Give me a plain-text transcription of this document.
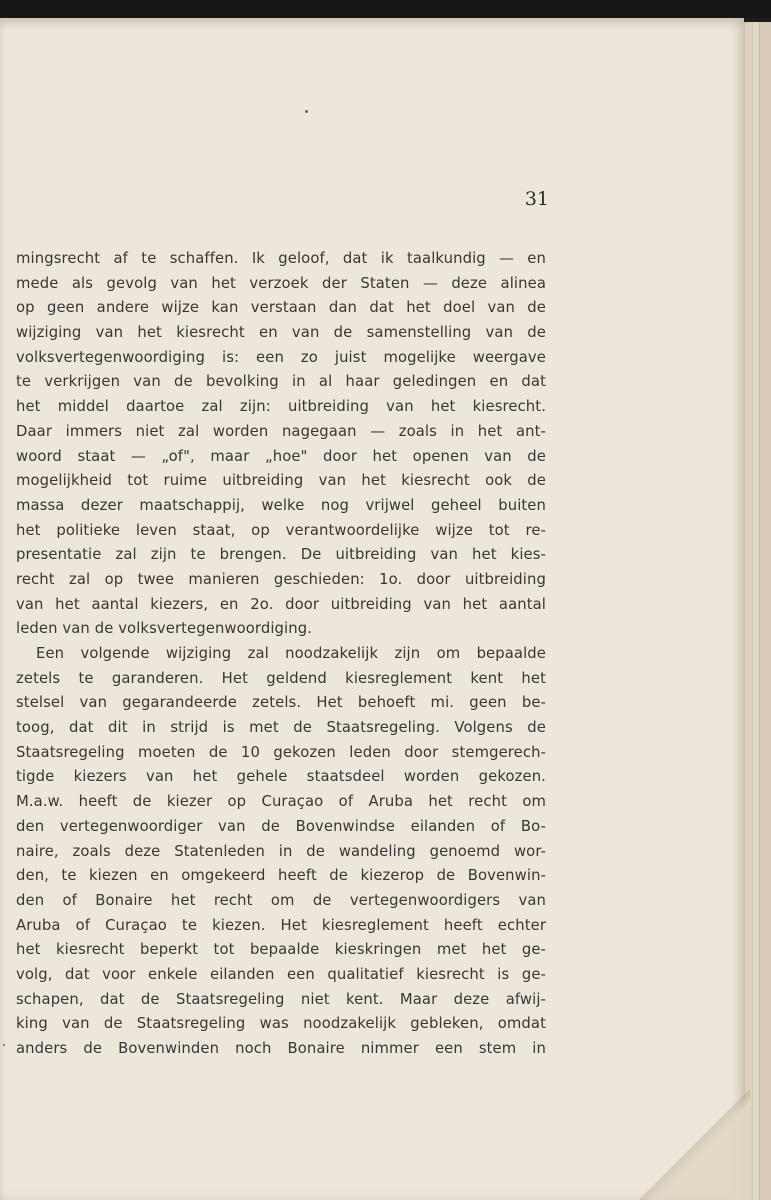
31
mingsrecht af te schaffen. Ik geloof, dat ik taalkundig — en
mede als gevolg van het verzoek der Staten — deze alinea
op geen andere wijze kan verstaan dan dat het doel van de
wijziging van het kiesrecht en van de samenstelling van de
volksvertegenwoordiging is: een zo juist mogelijke weergave
te verkrijgen van de bevolking in al haar geledingen en dat
het middel daartoe zal zijn: uitbreiding van het kiesrecht.
Daar immers niet zal worden nagegaan — zoals in het ant-
woord staat — „of", maar „hoe" door het openen van de
mogelijkheid tot ruime uitbreiding van het kiesrecht ook de
massa dezer maatschappij, welke nog vrijwel geheel buiten
het politieke leven staat, op verantwoordelijke wijze tot re-
presentatie zal zijn te brengen. De uitbreiding van het kies-
recht zal op twee manieren geschieden: 1o. door uitbreiding
van het aantal kiezers, en 2o. door uitbreiding van het aantal
leden van de volksvertegenwoordiging.
Een volgende wijziging zal noodzakelijk zijn om bepaalde
zetels te garanderen. Het geldend kiesreglement kent het
stelsel van gegarandeerde zetels. Het behoeft mi. geen be-
toog, dat dit in strijd is met de Staatsregeling. Volgens de
Staatsregeling moeten de 10 gekozen leden door stemgerech-
tigde kiezers van het gehele staatsdeel worden gekozen.
M.a.w. heeft de kiezer op Curaçao of Aruba het recht om
den vertegenwoordiger van de Bovenwindse eilanden of Bo-
naire, zoals deze Statenleden in de wandeling genoemd wor-
den, te kiezen en omgekeerd heeft de kiezerop de Bovenwin-
den of Bonaire het recht om de vertegenwoordigers van
Aruba of Curaçao te kiezen. Het kiesreglement heeft echter
het kiesrecht beperkt tot bepaalde kieskringen met het ge-
volg, dat voor enkele eilanden een qualitatief kiesrecht is ge-
schapen, dat de Staatsregeling niet kent. Maar deze afwij-
king van de Staatsregeling was noodzakelijk gebleken, omdat
anders de Bovenwinden noch Bonaire nimmer een stem in
